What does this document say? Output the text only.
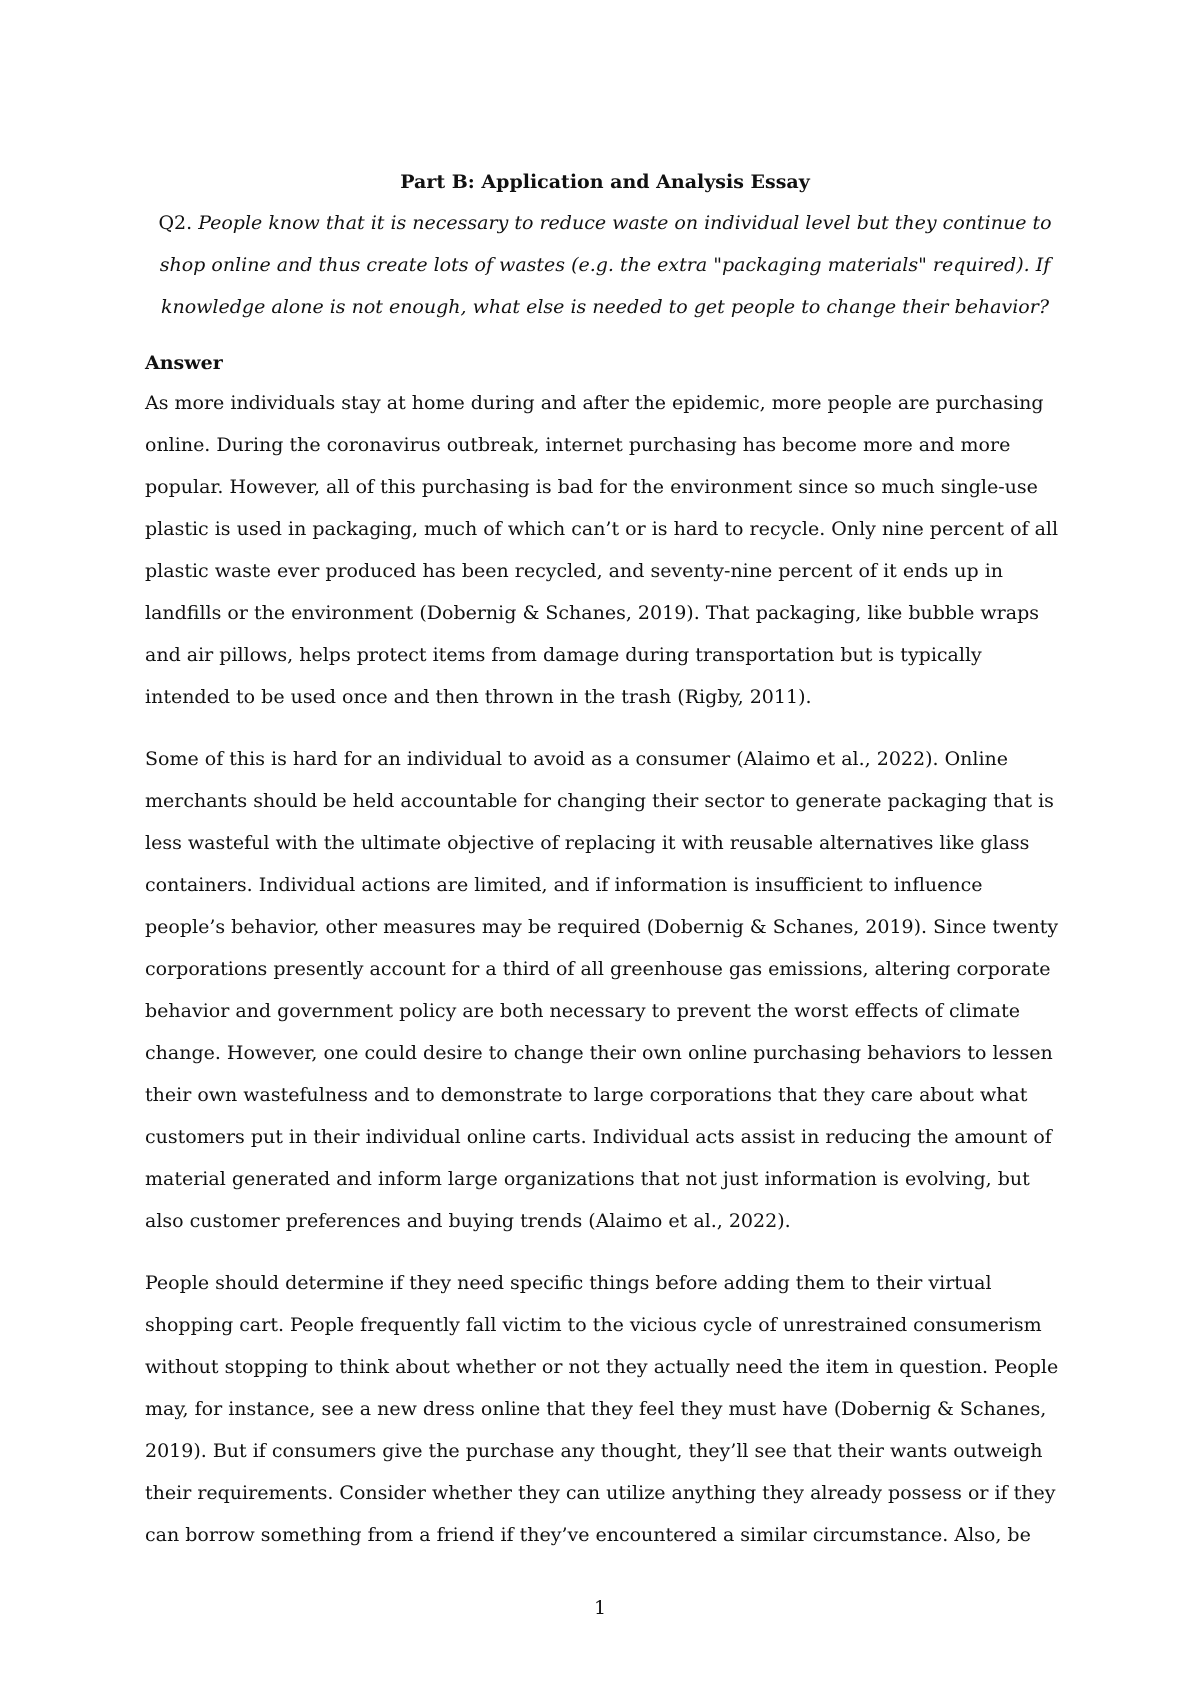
Part B: Application and Analysis Essay

Q2. People know that it is necessary to reduce waste on individual level but they continue to shop online and thus create lots of wastes (e.g. the extra "packaging materials" required). If knowledge alone is not enough, what else is needed to get people to change their behavior?

Answer

As more individuals stay at home during and after the epidemic, more people are purchasing online. During the coronavirus outbreak, internet purchasing has become more and more popular. However, all of this purchasing is bad for the environment since so much single-use plastic is used in packaging, much of which can’t or is hard to recycle. Only nine percent of all plastic waste ever produced has been recycled, and seventy-nine percent of it ends up in landfills or the environment (Dobernig & Schanes, 2019). That packaging, like bubble wraps and air pillows, helps protect items from damage during transportation but is typically intended to be used once and then thrown in the trash (Rigby, 2011).

Some of this is hard for an individual to avoid as a consumer (Alaimo et al., 2022). Online merchants should be held accountable for changing their sector to generate packaging that is less wasteful with the ultimate objective of replacing it with reusable alternatives like glass containers. Individual actions are limited, and if information is insufficient to influence people’s behavior, other measures may be required (Dobernig & Schanes, 2019). Since twenty corporations presently account for a third of all greenhouse gas emissions, altering corporate behavior and government policy are both necessary to prevent the worst effects of climate change. However, one could desire to change their own online purchasing behaviors to lessen their own wastefulness and to demonstrate to large corporations that they care about what customers put in their individual online carts. Individual acts assist in reducing the amount of material generated and inform large organizations that not just information is evolving, but also customer preferences and buying trends (Alaimo et al., 2022).

People should determine if they need specific things before adding them to their virtual shopping cart. People frequently fall victim to the vicious cycle of unrestrained consumerism without stopping to think about whether or not they actually need the item in question. People may, for instance, see a new dress online that they feel they must have (Dobernig & Schanes, 2019). But if consumers give the purchase any thought, they’ll see that their wants outweigh their requirements. Consider whether they can utilize anything they already possess or if they can borrow something from a friend if they’ve encountered a similar circumstance. Also, be

1
